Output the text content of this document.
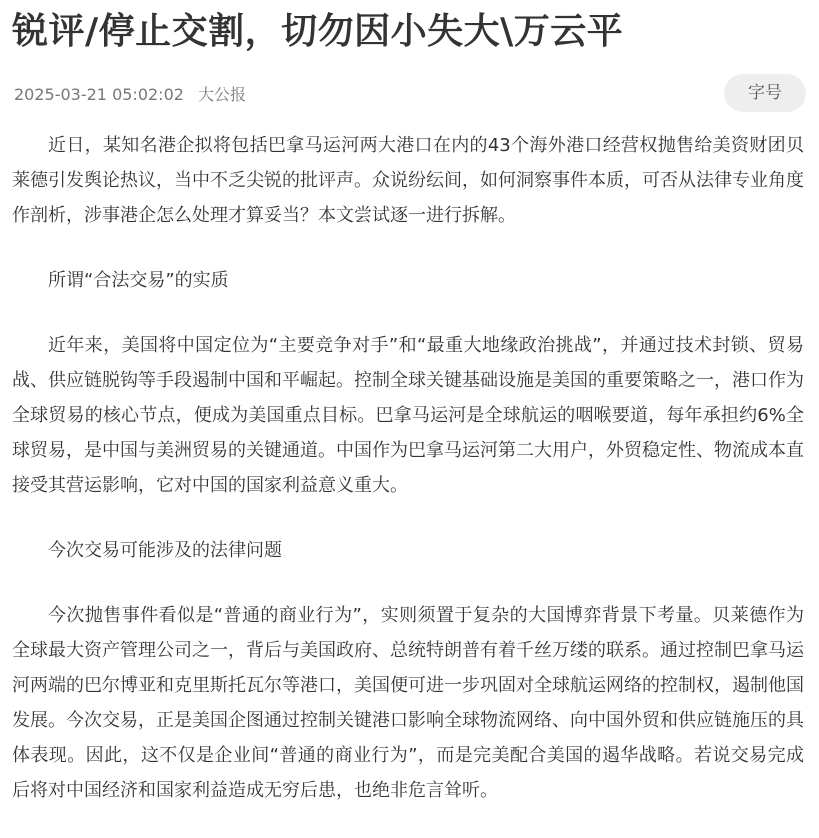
锐评/停止交割，切勿因小失大\万云平
2025-03-21 05:02:02 大公报	字号

近日，某知名港企拟将包括巴拿马运河两大港口在内的43个海外港口经营权抛售给美资财团贝莱德引发舆论热议，当中不乏尖锐的批评声。众说纷纭间，如何洞察事件本质，可否从法律专业角度作剖析，涉事港企怎么处理才算妥当？本文尝试逐一进行拆解。

所谓“合法交易”的实质

近年来，美国将中国定位为“主要竞争对手”和“最重大地缘政治挑战”，并通过技术封锁、贸易战、供应链脱钩等手段遏制中国和平崛起。控制全球关键基础设施是美国的重要策略之一，港口作为全球贸易的核心节点，便成为美国重点目标。巴拿马运河是全球航运的咽喉要道，每年承担约6%全球贸易，是中国与美洲贸易的关键通道。中国作为巴拿马运河第二大用户，外贸稳定性、物流成本直接受其营运影响，它对中国的国家利益意义重大。

今次交易可能涉及的法律问题

今次抛售事件看似是“普通的商业行为”，实则须置于复杂的大国博弈背景下考量。贝莱德作为全球最大资产管理公司之一，背后与美国政府、总统特朗普有着千丝万缕的联系。通过控制巴拿马运河两端的巴尔博亚和克里斯托瓦尔等港口，美国便可进一步巩固对全球航运网络的控制权，遏制他国发展。今次交易，正是美国企图通过控制关键港口影响全球物流网络、向中国外贸和供应链施压的具体表现。因此，这不仅是企业间“普通的商业行为”，而是完美配合美国的遏华战略。若说交易完成后将对中国经济和国家利益造成无穷后患，也绝非危言耸听。
